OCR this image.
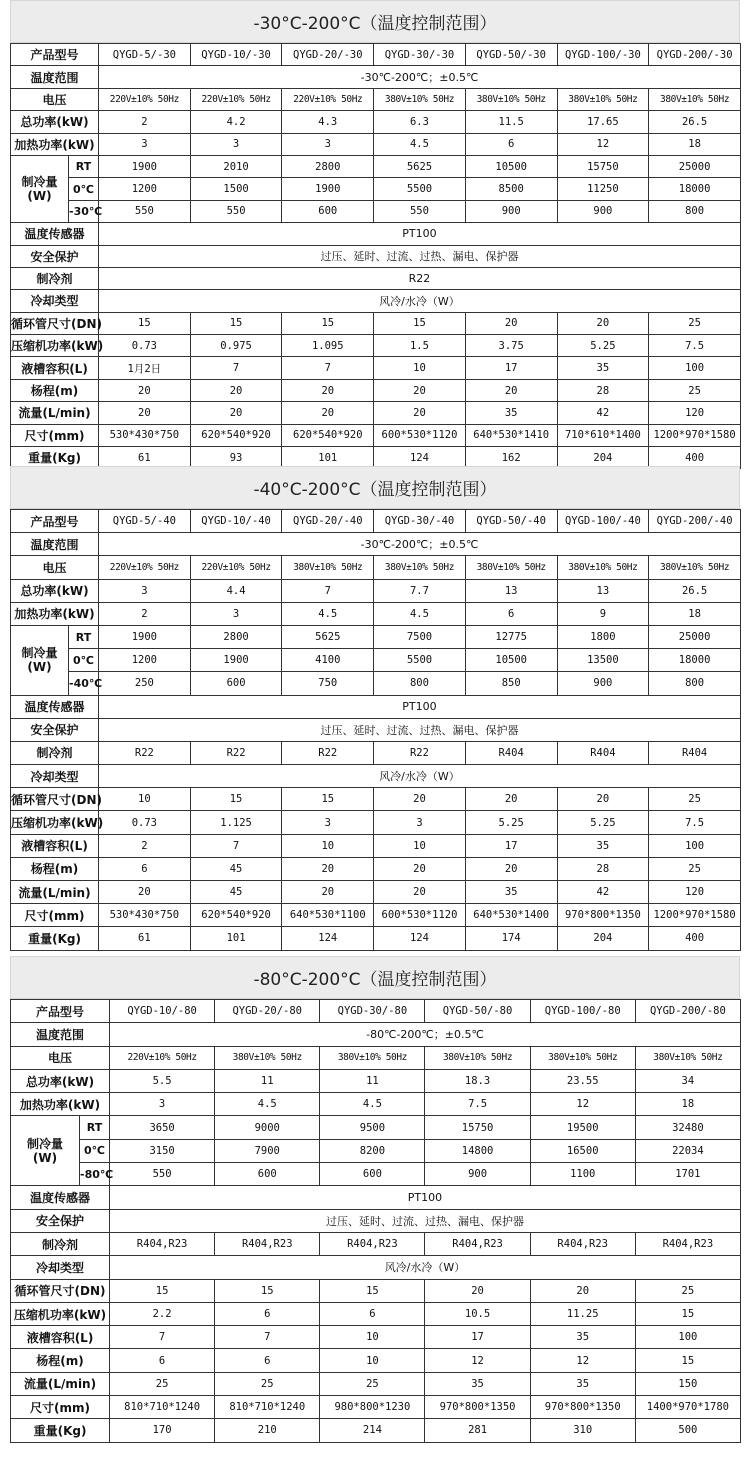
-30°C-200°C（温度控制范围）
产品型号		QYGD-5/-30	QYGD-10/-30	QYGD-20/-30	QYGD-30/-30	QYGD-50/-30	QYGD-100/-30	QYGD-200/-30
温度范围		-30℃-200℃；±0.5℃						
电压		220V±10% 50Hz	220V±10% 50Hz	220V±10% 50Hz	380V±10% 50Hz	380V±10% 50Hz	380V±10% 50Hz	380V±10% 50Hz
总功率(kW)		2	4.2	4.3	6.3	11.5	17.65	26.5
加热功率(kW)		3	3	3	4.5	6	12	18
制冷量
(W)	RT	1900	2010	2800	5625	10500	15750	25000
	0℃	1200	1500	1900	5500	8500	11250	18000
	-30℃	550	550	600	550	900	900	800
温度传感器		PT100						
安全保护		过压、延时、过流、过热、漏电、保护器						
制冷剂		R22						
冷却类型		风冷/水冷（W）						
循环管尺寸(DN)		15	15	15	15	20	20	25
压缩机功率(kW)		0.73	0.975	1.095	1.5	3.75	5.25	7.5
液槽容积(L)		1月2日	7	7	10	17	35	100
杨程(m)		20	20	20	20	20	28	25
流量(L/min)		20	20	20	20	35	42	120
尺寸(mm)		530*430*750	620*540*920	620*540*920	600*530*1120	640*530*1410	710*610*1400	1200*970*1580
重量(Kg)		61	93	101	124	162	204	400
-40°C-200°C（温度控制范围）
产品型号		QYGD-5/-40	QYGD-10/-40	QYGD-20/-40	QYGD-30/-40	QYGD-50/-40	QYGD-100/-40	QYGD-200/-40
温度范围		-30℃-200℃；±0.5℃						
电压		220V±10% 50Hz	220V±10% 50Hz	380V±10% 50Hz	380V±10% 50Hz	380V±10% 50Hz	380V±10% 50Hz	380V±10% 50Hz
总功率(kW)		3	4.4	7	7.7	13	13	26.5
加热功率(kW)		2	3	4.5	4.5	6	9	18
制冷量
(W)	RT	1900	2800	5625	7500	12775	1800	25000
	0℃	1200	1900	4100	5500	10500	13500	18000
	-40℃	250	600	750	800	850	900	800
温度传感器		PT100						
安全保护		过压、延时、过流、过热、漏电、保护器						
制冷剂		R22	R22	R22	R22	R404	R404	R404
冷却类型		风冷/水冷（W）						
循环管尺寸(DN)		10	15	15	20	20	20	25
压缩机功率(kW)		0.73	1.125	3	3	5.25	5.25	7.5
液槽容积(L)		2	7	10	10	17	35	100
杨程(m)		6	45	20	20	20	28	25
流量(L/min)		20	45	20	20	35	42	120
尺寸(mm)		530*430*750	620*540*920	640*530*1100	600*530*1120	640*530*1400	970*800*1350	1200*970*1580
重量(Kg)		61	101	124	124	174	204	400
-80°C-200°C（温度控制范围）
产品型号		QYGD-10/-80	QYGD-20/-80	QYGD-30/-80	QYGD-50/-80	QYGD-100/-80	QYGD-200/-80
温度范围		-80℃-200℃；±0.5℃					
电压		220V±10% 50Hz	380V±10% 50Hz	380V±10% 50Hz	380V±10% 50Hz	380V±10% 50Hz	380V±10% 50Hz
总功率(kW)		5.5	11	11	18.3	23.55	34
加热功率(kW)		3	4.5	4.5	7.5	12	18
制冷量
(W)	RT	3650	9000	9500	15750	19500	32480
	0℃	3150	7900	8200	14800	16500	22034
	-80℃	550	600	600	900	1100	1701
温度传感器		PT100					
安全保护		过压、延时、过流、过热、漏电、保护器					
制冷剂		R404,R23	R404,R23	R404,R23	R404,R23	R404,R23	R404,R23
冷却类型		风冷/水冷（W）					
循环管尺寸(DN)		15	15	15	20	20	25
压缩机功率(kW)		2.2	6	6	10.5	11.25	15
液槽容积(L)		7	7	10	17	35	100
杨程(m)		6	6	10	12	12	15
流量(L/min)		25	25	25	35	35	150
尺寸(mm)		810*710*1240	810*710*1240	980*800*1230	970*800*1350	970*800*1350	1400*970*1780
重量(Kg)		170	210	214	281	310	500
